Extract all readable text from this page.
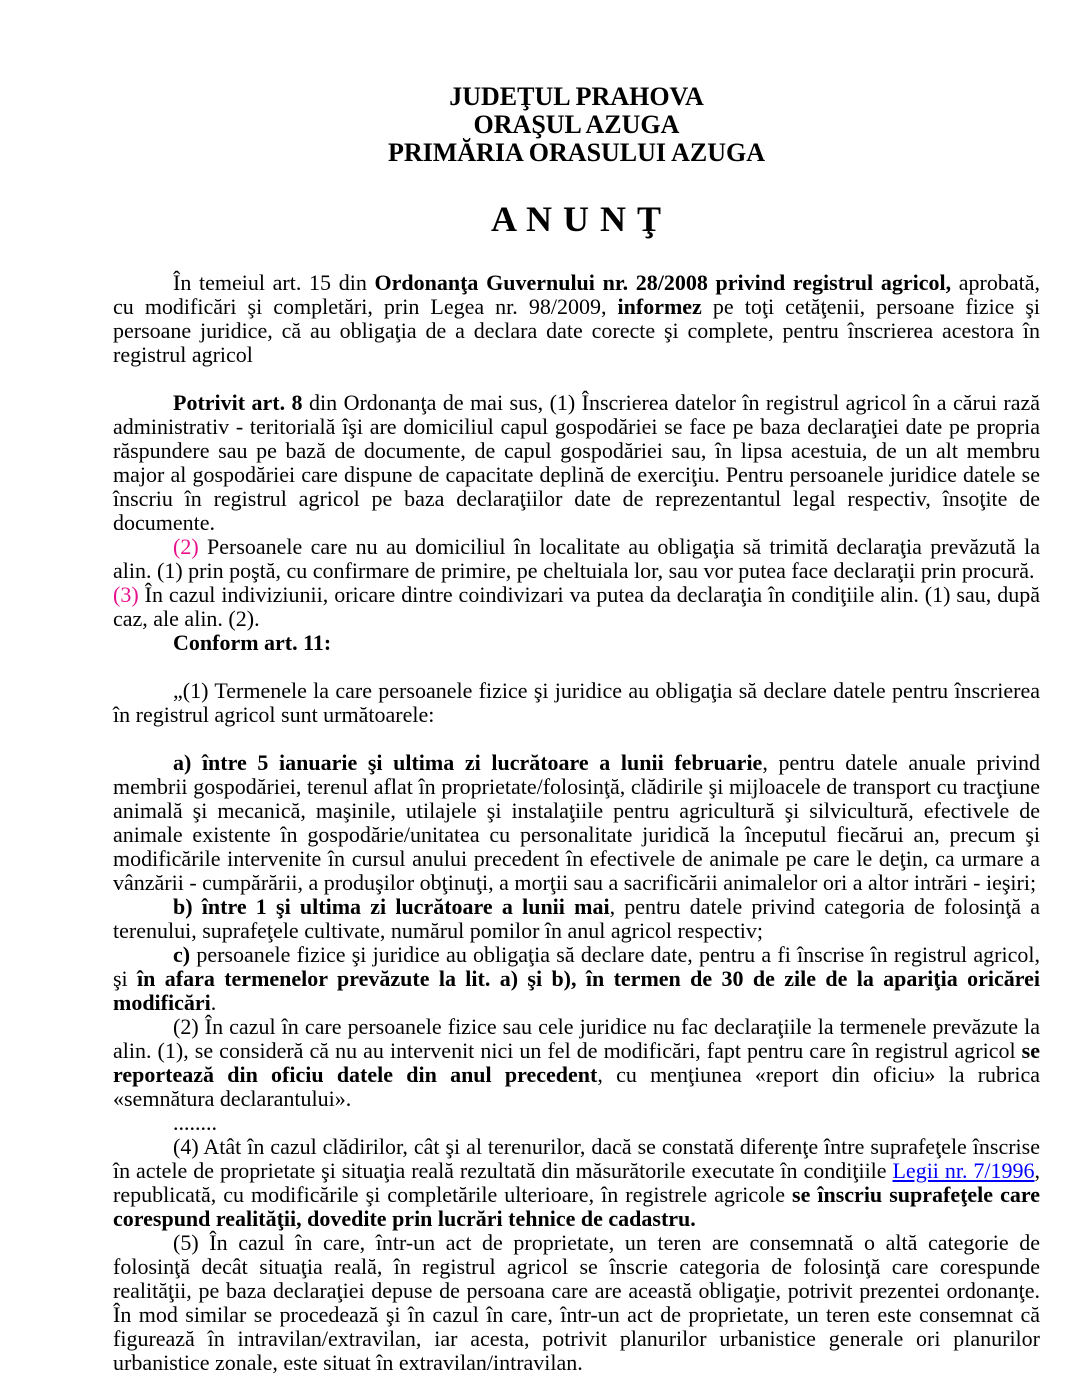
JUDEŢUL PRAHOVA
ORAŞUL AZUGA
PRIMĂRIA ORASULUI AZUGA
A N U N Ţ

În temeiul art. 15 din Ordonanţa Guvernului nr. 28/2008 privind registrul agricol, aprobată, cu modificări şi completări, prin Legea nr. 98/2009, informez pe toţi cetăţenii, persoane fizice şi persoane juridice, că au obligaţia de a declara date corecte şi complete, pentru înscrierea acestora în registrul agricol

Potrivit art. 8 din Ordonanţa de mai sus, (1) Înscrierea datelor în registrul agricol în a cărui rază administrativ - teritorială îşi are domiciliul capul gospodăriei se face pe baza declaraţiei date pe propria răspundere sau pe bază de documente, de capul gospodăriei sau, în lipsa acestuia, de un alt membru major al gospodăriei care dispune de capacitate deplină de exerciţiu. Pentru persoanele juridice datele se înscriu în registrul agricol pe baza declaraţiilor date de reprezentantul legal respectiv, însoţite de documente.

(2) Persoanele care nu au domiciliul în localitate au obligaţia să trimită declaraţia prevăzută la alin. (1) prin poştă, cu confirmare de primire, pe cheltuiala lor, sau vor putea face declaraţii prin procură.

(3) În cazul indiviziunii, oricare dintre coindivizari va putea da declaraţia în condiţiile alin. (1) sau, după caz, ale alin. (2).

Conform art. 11:

„(1) Termenele la care persoanele fizice şi juridice au obligaţia să declare datele pentru înscrierea în registrul agricol sunt următoarele:

a) între 5 ianuarie şi ultima zi lucrătoare a lunii februarie, pentru datele anuale privind membrii gospodăriei, terenul aflat în proprietate/folosinţă, clădirile şi mijloacele de transport cu tracţiune animală şi mecanică, maşinile, utilajele şi instalaţiile pentru agricultură şi silvicultură, efectivele de animale existente în gospodărie/unitatea cu personalitate juridică la începutul fiecărui an, precum şi modificările intervenite în cursul anului precedent în efectivele de animale pe care le deţin, ca urmare a vânzării - cumpărării, a produşilor obţinuţi, a morţii sau a sacrificării animalelor ori a altor intrări - ieşiri;

b) între 1 şi ultima zi lucrătoare a lunii mai, pentru datele privind categoria de folosinţă a terenului, suprafeţele cultivate, numărul pomilor în anul agricol respectiv;

c) persoanele fizice şi juridice au obligaţia să declare date, pentru a fi înscrise în registrul agricol, şi în afara termenelor prevăzute la lit. a) şi b), în termen de 30 de zile de la apariţia oricărei modificări.

(2) În cazul în care persoanele fizice sau cele juridice nu fac declaraţiile la termenele prevăzute la alin. (1), se consideră că nu au intervenit nici un fel de modificări, fapt pentru care în registrul agricol se reportează din oficiu datele din anul precedent, cu menţiunea «report din oficiu» la rubrica «semnătura declarantului».

........

(4) Atât în cazul clădirilor, cât şi al terenurilor, dacă se constată diferenţe între suprafeţele înscrise în actele de proprietate şi situaţia reală rezultată din măsurătorile executate în condiţiile Legii nr. 7/1996, republicată, cu modificările şi completările ulterioare, în registrele agricole se înscriu suprafeţele care corespund realităţii, dovedite prin lucrări tehnice de cadastru.

(5) În cazul în care, într-un act de proprietate, un teren are consemnată o altă categorie de folosinţă decât situaţia reală, în registrul agricol se înscrie categoria de folosinţă care corespunde realităţii, pe baza declaraţiei depuse de persoana care are această obligaţie, potrivit prezentei ordonanţe. În mod similar se procedează şi în cazul în care, într-un act de proprietate, un teren este consemnat că figurează în intravilan/extravilan, iar acesta, potrivit planurilor urbanistice generale ori planurilor urbanistice zonale, este situat în extravilan/intravilan.
